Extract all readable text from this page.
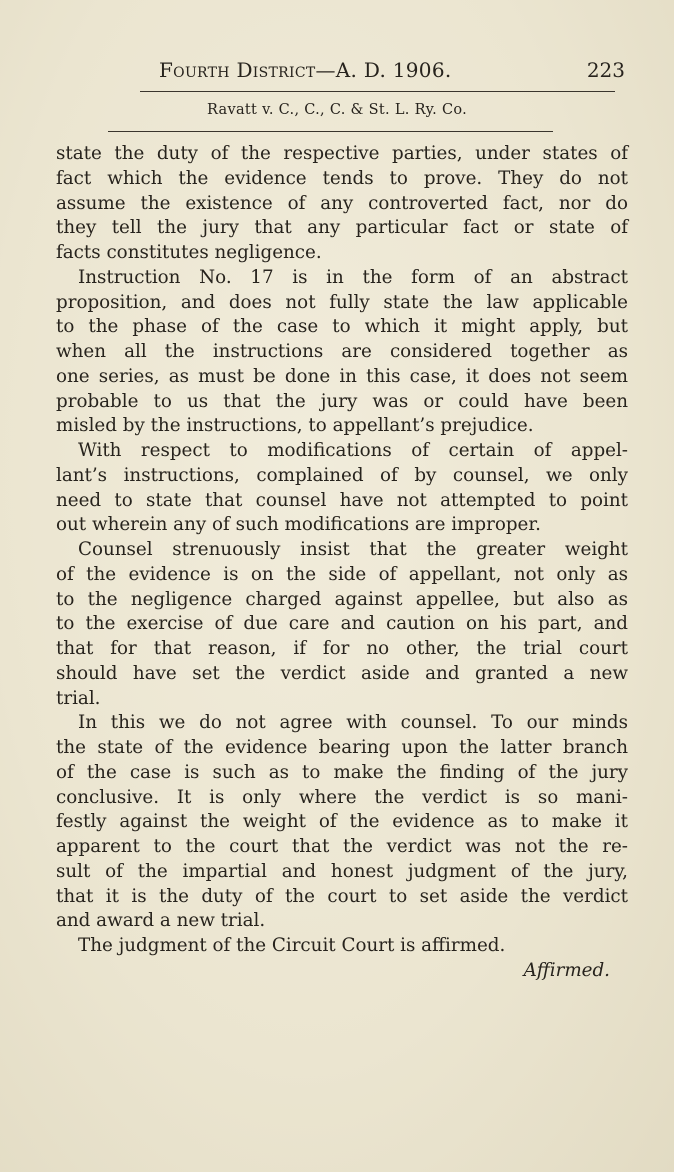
Fourth District—A. D. 1906.	223
Ravatt v. C., C., C. & St. L. Ry. Co.
state the duty of the respective parties, under states of
fact which the evidence tends to prove. They do not
assume the existence of any controverted fact, nor do
they tell the jury that any particular fact or state of
facts constitutes negligence.
Instruction No. 17 is in the form of an abstract
proposition, and does not fully state the law applicable
to the phase of the case to which it might apply, but
when all the instructions are considered together as
one series, as must be done in this case, it does not seem
probable to us that the jury was or could have been
misled by the instructions, to appellant’s prejudice.
With respect to modifications of certain of appel-
lant’s instructions, complained of by counsel, we only
need to state that counsel have not attempted to point
out wherein any of such modifications are improper.
Counsel strenuously insist that the greater weight
of the evidence is on the side of appellant, not only as
to the negligence charged against appellee, but also as
to the exercise of due care and caution on his part, and
that for that reason, if for no other, the trial court
should have set the verdict aside and granted a new
trial.
In this we do not agree with counsel. To our minds
the state of the evidence bearing upon the latter branch
of the case is such as to make the finding of the jury
conclusive. It is only where the verdict is so mani-
festly against the weight of the evidence as to make it
apparent to the court that the verdict was not the re-
sult of the impartial and honest judgment of the jury,
that it is the duty of the court to set aside the verdict
and award a new trial.
The judgment of the Circuit Court is affirmed.
Affirmed.
